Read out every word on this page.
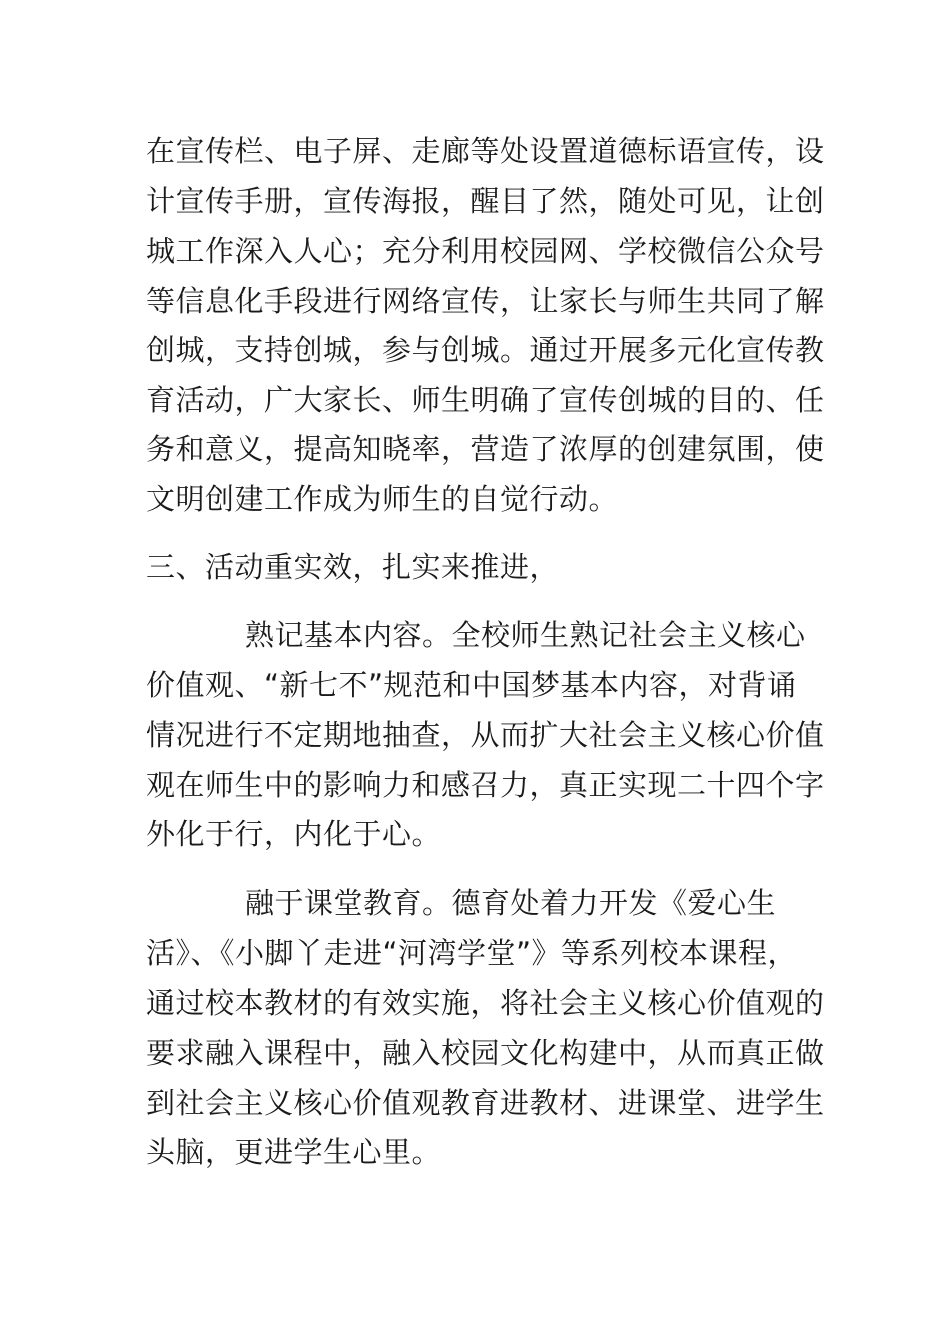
在宣传栏、电子屏、走廊等处设置道德标语宣传，设
计宣传手册，宣传海报，醒目了然，随处可见，让创
城工作深入人心；充分利用校园网、学校微信公众号
等信息化手段进行网络宣传，让家长与师生共同了解
创城，支持创城，参与创城。通过开展多元化宣传教
育活动，广大家长、师生明确了宣传创城的目的、任
务和意义，提高知晓率，营造了浓厚的创建氛围，使
文明创建工作成为师生的自觉行动。
三、活动重实效，扎实来推进，
熟记基本内容。全校师生熟记社会主义核心
价值观、“新七不”规范和中国梦基本内容，对背诵
情况进行不定期地抽查，从而扩大社会主义核心价值
观在师生中的影响力和感召力，真正实现二十四个字
外化于行，内化于心。
融于课堂教育。德育处着力开发《爱心生
活》、《小脚丫走进“河湾学堂”》等系列校本课程，
通过校本教材的有效实施，将社会主义核心价值观的
要求融入课程中，融入校园文化构建中，从而真正做
到社会主义核心价值观教育进教材、进课堂、进学生
头脑，更进学生心里。
